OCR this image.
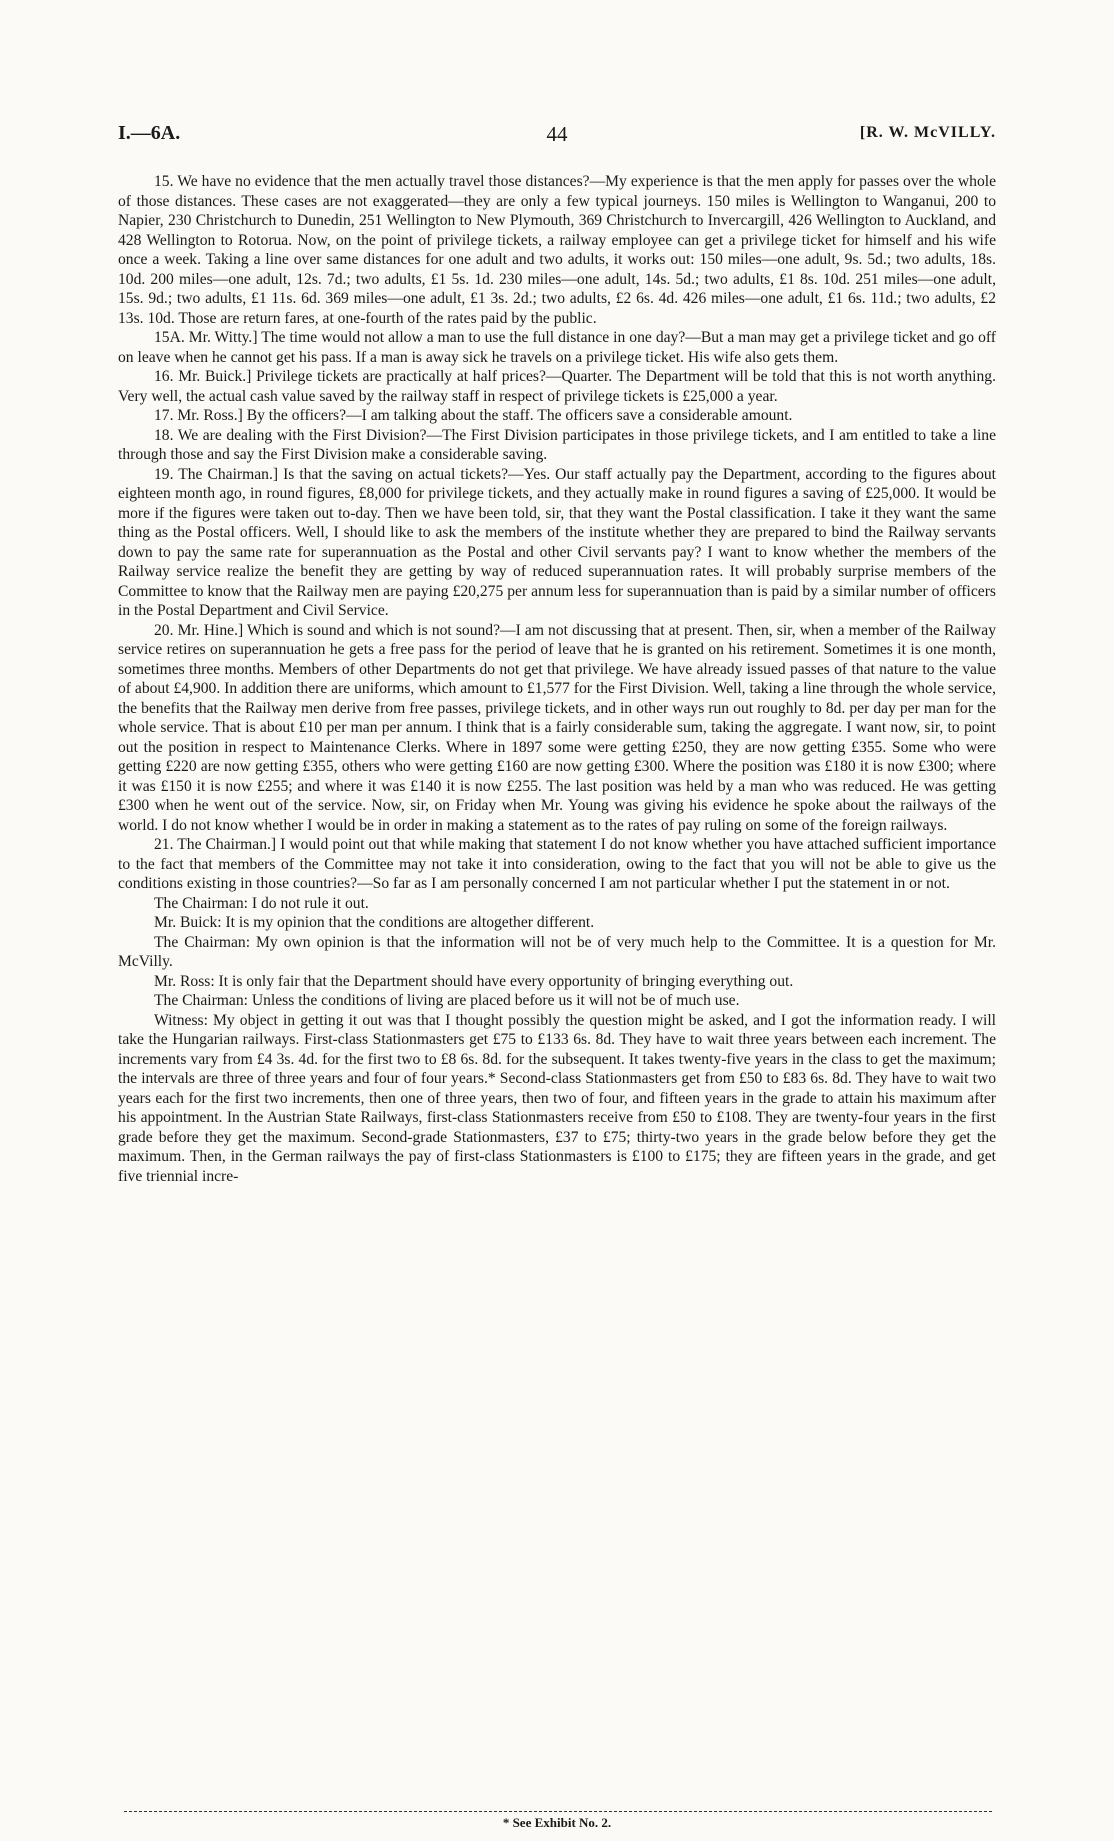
I.—6A.	44	[R. W. McVILLY.

15. We have no evidence that the men actually travel those distances?—My experience is that the men apply for passes over the whole of those distances. These cases are not exaggerated—they are only a few typical journeys. 150 miles is Wellington to Wanganui, 200 to Napier, 230 Christchurch to Dunedin, 251 Wellington to New Plymouth, 369 Christchurch to Invercargill, 426 Wellington to Auckland, and 428 Wellington to Rotorua. Now, on the point of privilege tickets, a railway employee can get a privilege ticket for himself and his wife once a week. Taking a line over same distances for one adult and two adults, it works out: 150 miles—one adult, 9s. 5d.; two adults, 18s. 10d. 200 miles—one adult, 12s. 7d.; two adults, £1 5s. 1d. 230 miles—one adult, 14s. 5d.; two adults, £1 8s. 10d. 251 miles—one adult, 15s. 9d.; two adults, £1 11s. 6d. 369 miles—one adult, £1 3s. 2d.; two adults, £2 6s. 4d. 426 miles—one adult, £1 6s. 11d.; two adults, £2 13s. 10d. Those are return fares, at one-fourth of the rates paid by the public.

15A. Mr. Witty.] The time would not allow a man to use the full distance in one day?—But a man may get a privilege ticket and go off on leave when he cannot get his pass. If a man is away sick he travels on a privilege ticket. His wife also gets them.

16. Mr. Buick.] Privilege tickets are practically at half prices?—Quarter. The Department will be told that this is not worth anything. Very well, the actual cash value saved by the railway staff in respect of privilege tickets is £25,000 a year.

17. Mr. Ross.] By the officers?—I am talking about the staff. The officers save a considerable amount.

18. We are dealing with the First Division?—The First Division participates in those privilege tickets, and I am entitled to take a line through those and say the First Division make a considerable saving.

19. The Chairman.] Is that the saving on actual tickets?—Yes. Our staff actually pay the Department, according to the figures about eighteen month ago, in round figures, £8,000 for privilege tickets, and they actually make in round figures a saving of £25,000. It would be more if the figures were taken out to-day. Then we have been told, sir, that they want the Postal classification. I take it they want the same thing as the Postal officers. Well, I should like to ask the members of the institute whether they are prepared to bind the Railway servants down to pay the same rate for superannuation as the Postal and other Civil servants pay? I want to know whether the members of the Railway service realize the benefit they are getting by way of reduced superannuation rates. It will probably surprise members of the Committee to know that the Railway men are paying £20,275 per annum less for superannuation than is paid by a similar number of officers in the Postal Department and Civil Service.

20. Mr. Hine.] Which is sound and which is not sound?—I am not discussing that at present. Then, sir, when a member of the Railway service retires on superannuation he gets a free pass for the period of leave that he is granted on his retirement. Sometimes it is one month, sometimes three months. Members of other Departments do not get that privilege. We have already issued passes of that nature to the value of about £4,900. In addition there are uniforms, which amount to £1,577 for the First Division. Well, taking a line through the whole service, the benefits that the Railway men derive from free passes, privilege tickets, and in other ways run out roughly to 8d. per day per man for the whole service. That is about £10 per man per annum. I think that is a fairly considerable sum, taking the aggregate. I want now, sir, to point out the position in respect to Maintenance Clerks. Where in 1897 some were getting £250, they are now getting £355. Some who were getting £220 are now getting £355, others who were getting £160 are now getting £300. Where the position was £180 it is now £300; where it was £150 it is now £255; and where it was £140 it is now £255. The last position was held by a man who was reduced. He was getting £300 when he went out of the service. Now, sir, on Friday when Mr. Young was giving his evidence he spoke about the railways of the world. I do not know whether I would be in order in making a statement as to the rates of pay ruling on some of the foreign railways.

21. The Chairman.] I would point out that while making that statement I do not know whether you have attached sufficient importance to the fact that members of the Committee may not take it into consideration, owing to the fact that you will not be able to give us the conditions existing in those countries?—So far as I am personally concerned I am not particular whether I put the statement in or not.

The Chairman: I do not rule it out.

Mr. Buick: It is my opinion that the conditions are altogether different.

The Chairman: My own opinion is that the information will not be of very much help to the Committee. It is a question for Mr. McVilly.

Mr. Ross: It is only fair that the Department should have every opportunity of bringing everything out.

The Chairman: Unless the conditions of living are placed before us it will not be of much use.

Witness: My object in getting it out was that I thought possibly the question might be asked, and I got the information ready. I will take the Hungarian railways. First-class Stationmasters get £75 to £133 6s. 8d. They have to wait three years between each increment. The increments vary from £4 3s. 4d. for the first two to £8 6s. 8d. for the subsequent. It takes twenty-five years in the class to get the maximum; the intervals are three of three years and four of four years.* Second-class Stationmasters get from £50 to £83 6s. 8d. They have to wait two years each for the first two increments, then one of three years, then two of four, and fifteen years in the grade to attain his maximum after his appointment. In the Austrian State Railways, first-class Stationmasters receive from £50 to £108. They are twenty-four years in the first grade before they get the maximum. Second-grade Stationmasters, £37 to £75; thirty-two years in the grade below before they get the maximum. Then, in the German railways the pay of first-class Stationmasters is £100 to £175; they are fifteen years in the grade, and get five triennial incre-

* See Exhibit No. 2.
